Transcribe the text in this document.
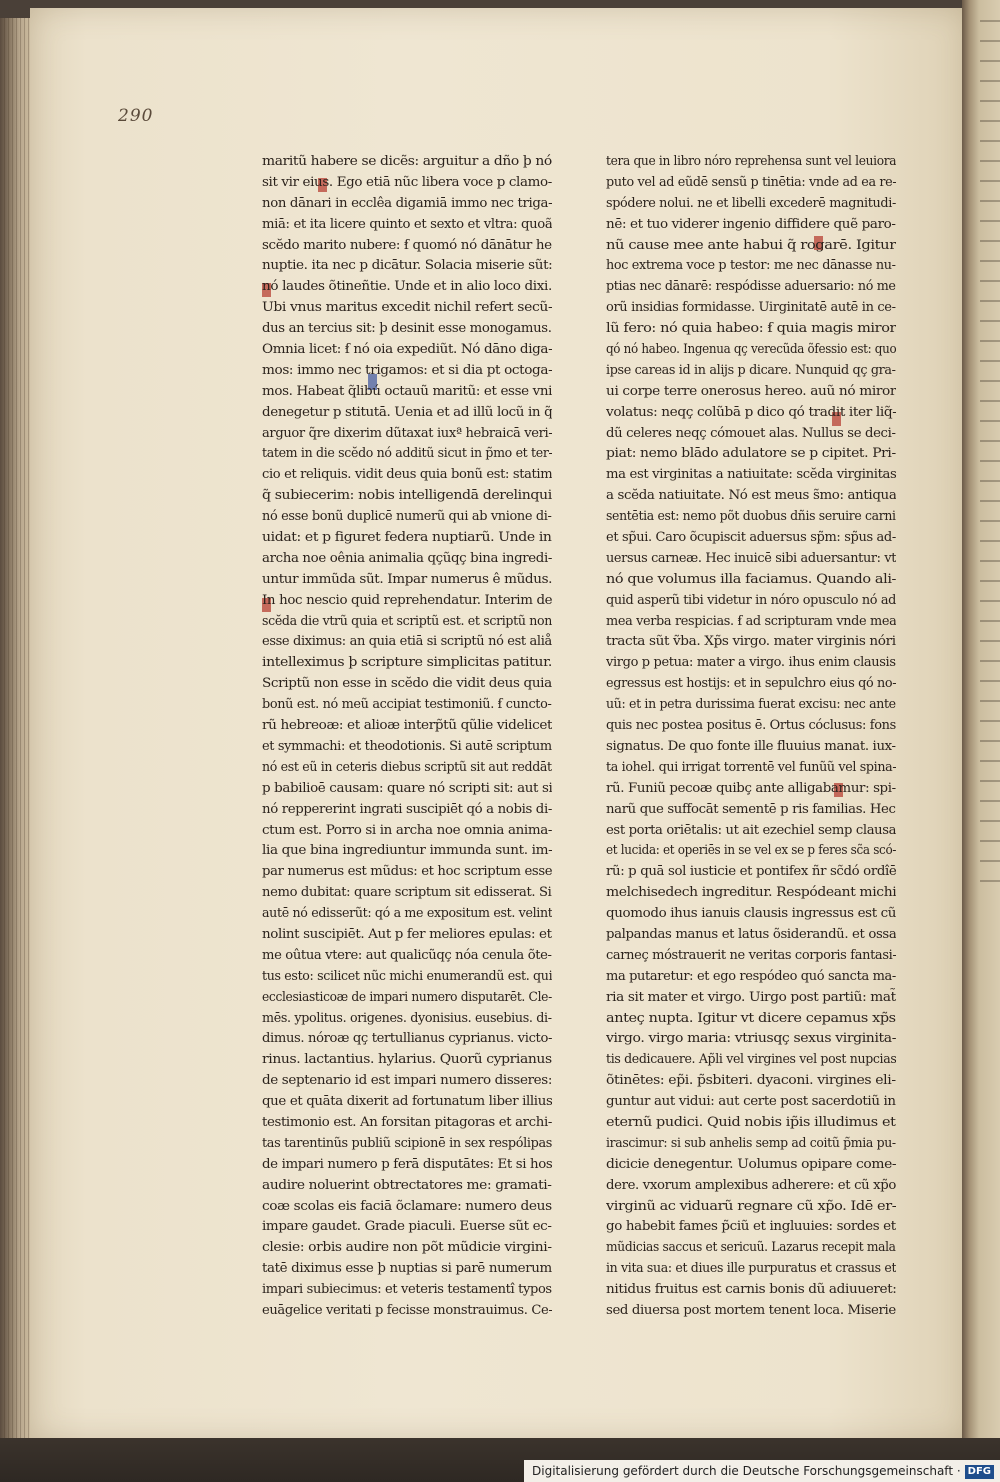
290
maritũ habere se dicẽs: arguitur a dño þ nó
sit vir eius. Ego etiā nũc libera voce p clamo-
non dānari in ecclêa digamiā immo nec triga-
miā: et ita licere quinto et sexto et vltra: quoã
scĕdo marito nubere: ẜ quomó nó dānātur he
nuptie. ita nec p dicātur. Solacia miserie sũt:
nó laudes õtineñtie. Unde et in alio loco dixi.
Ubi vnus maritus excedit nichil refert secũ-
dus an tercius sit: þ desinit esse monogamus.
Omnia licet: ẜ nó oia expediũt. Nó dāno diga-
mos: immo nec trigamos: et si dia pt octoga-
mos. Habeat q̃libú octauũ maritũ: et esse vni
denegetur p stitutā. Uenia et ad illũ locũ in q̃
arguor q̃re dixerim dũtaxat iuxª hebraicā veri-
tatem in die scĕdo nó additũ sicut in p̃mo et ter-
cio et reliquis. vidit deus quia bonũ est: statim
q̃ subiecerim: nobis intelligendā derelinqui
nó esse bonũ duplicē numerũ qui ab vnione di-
uidat: et p figuret federa nuptiarũ. Unde in
archa noe oênia animalia qçũqç bina ingredi-
untur immũda sũt. Impar numerus ê mũdus.
In hoc nescio quid reprehendatur. Interim de
scĕda die vtrũ quia et scriptũ est. et scriptũ non
esse diximus: an quia etiā si scriptũ nó est aliå
intelleximus þ scripture simplicitas patitur.
Scriptũ non esse in scĕdo die vidit deus quia
bonũ est. nó meũ accipiat testimoniũ. ẜ cuncto-
rũ hebreoæ: et alioæ interp̃tũ qũlie videlicet
et symmachi: et theodotionis. Si autē scriptum
nó est eũ in ceteris diebus scriptũ sit aut reddāt
p babilioē causam: quare nó scripti sit: aut si
nó reppererint ingrati suscipiēt qó a nobis di-
ctum est. Porro si in archa noe omnia anima-
lia que bina ingrediuntur immunda sunt. im-
par numerus est mũdus: et hoc scriptum esse
nemo dubitat: quare scriptum sit edisserat. Si
autē nó edisserũt: qó a me expositum est. velint
nolint suscipiēt. Aut p fer meliores epulas: et
me oûtua vtere: aut qualicũqç nóa cenula õte-
tus esto: scilicet nũc michi enumerandũ est. qui
ecclesiasticoæ de impari numero disputarēt. Cle-
mēs. ypolitus. origenes. dyonisius. eusebius. di-
dimus. nóroæ qç tertullianus cyprianus. victo-
rinus. lactantius. hylarius. Quorũ cyprianus
de septenario id est impari numero disseres:
que et quāta dixerit ad fortunatum liber illius
testimonio est. An forsitan pitagoras et archi-
tas tarentinũs publiũ scipionē in sex respólipas
de impari numero p ferā disputātes: Et si hos
audire noluerint obtrectatores me: gramati-
coæ scolas eis faciā õclamare: numero deus
impare gaudet. Grade piaculi. Euerse sũt ec-
clesie: orbis audire non põt mũdicie virgini-
tatē diximus esse þ nuptias si parē numerum
impari subiecimus: et veteris testamentî typos
euāgelice veritati p fecisse monstrauimus. Ce-
tera que in libro nóro reprehensa sunt vel leuiora
puto vel ad eũdē sensũ p tinētia: vnde ad ea re-
spódere nolui. ne et libelli excederē magnitudi-
nē: et tuo viderer ingenio diffidere quẽ paro-
nũ cause mee ante habui q̃ rogarē. Igitur
hoc extrema voce p testor: me nec dānasse nu-
ptias nec dānarē: respódisse aduersario: nó me
orũ insidias formidasse. Uirginitatē autē in ce-
lũ fero: nó quia habeo: ẜ quia magis miror
qó nó habeo. Ingenua qç verecũda õfessio est: quo
ipse careas id in alijs p dicare. Nunquid qç gra-
ui corpe terre onerosus hereo. auũ nó miror
volatus: neqç colũbā p dico qó tradit iter liq̃-
dũ celeres neqç cómouet alas. Nullus se deci-
piat: nemo blādo adulatore se p cipitet. Pri-
ma est virginitas a natiuitate: scĕda virginitas
a scĕda natiuitate. Nó est meus s̃mo: antiqua
sentētia est: nemo põt duobus dñis seruire carni
et sp̃ui. Caro õcupiscit aduersus sp̃m: sp̃us ad-
uersus carneæ. Hec inuicē sibi aduersantur: vt
nó que volumus illa faciamus. Quando ali-
quid asperũ tibi videtur in nóro opusculo nó ad
mea verba respicias. ẜ ad scripturam vnde mea
tracta sũt ṽba. Xp̃s virgo. mater virginis nóri
virgo p petua: mater a virgo. ihus enim clausis
egressus est hostijs: et in sepulchro eius qó no-
uũ: et in petra durissima fuerat excisu: nec ante
quis nec postea positus ē. Ortus cóclusus: fons
signatus. De quo fonte ille fluuius manat. iux-
ta iohel. qui irrigat torrentē vel funũũ vel spina-
rũ. Funiũ pecoæ quibç ante alligabamur: spi-
narũ que suffocāt sementē p ris familias. Hec
est porta oriētalis: ut ait ezechiel semp clausa
et lucida: et operiēs in se vel ex se p feres sc̃a scó-
rũ: p quā sol iusticie et pontifex ñr sc̃dó ordîē
melchisedech ingreditur. Respódeant michi
quomodo ihus ianuis clausis ingressus est cũ
palpandas manus et latus õsiderandũ. et ossa
carneç móstrauerit ne veritas corporis fantasi-
ma putaretur: et ego respódeo quó sancta ma-
ria sit mater et virgo. Uirgo post partiũ: mat̃
anteç nupta. Igitur vt dicere cepamus xp̃s
virgo. virgo maria: vtriusqç sexus virginita-
tis dedicauere. Ap̃li vel virgines vel post nupcias
õtinētes: ep̃i. p̃sbiteri. dyaconi. virgines eli-
guntur aut vidui: aut certe post sacerdotiũ in
eternũ pudici. Quid nobis ip̃is illudimus et
irascimur: si sub anhelis semp ad coitũ p̃mia pu-
dicicie denegentur. Uolumus opipare come-
dere. vxorum amplexibus adherere: et cũ xp̃o
virginũ ac viduarũ regnare cũ xp̃o. Idē er-
go habebit fames p̃ciũ et ingluuies: sordes et
mũdicias saccus et sericuũ. Lazarus recepit mala
in vita sua: et diues ille purpuratus et crassus et
nitidus fruitus est carnis bonis dũ adiuueret:
sed diuersa post mortem tenent loca. Miserie
Digitalisierung gefördert durch die Deutsche Forschungsgemeinschaft · DFG
